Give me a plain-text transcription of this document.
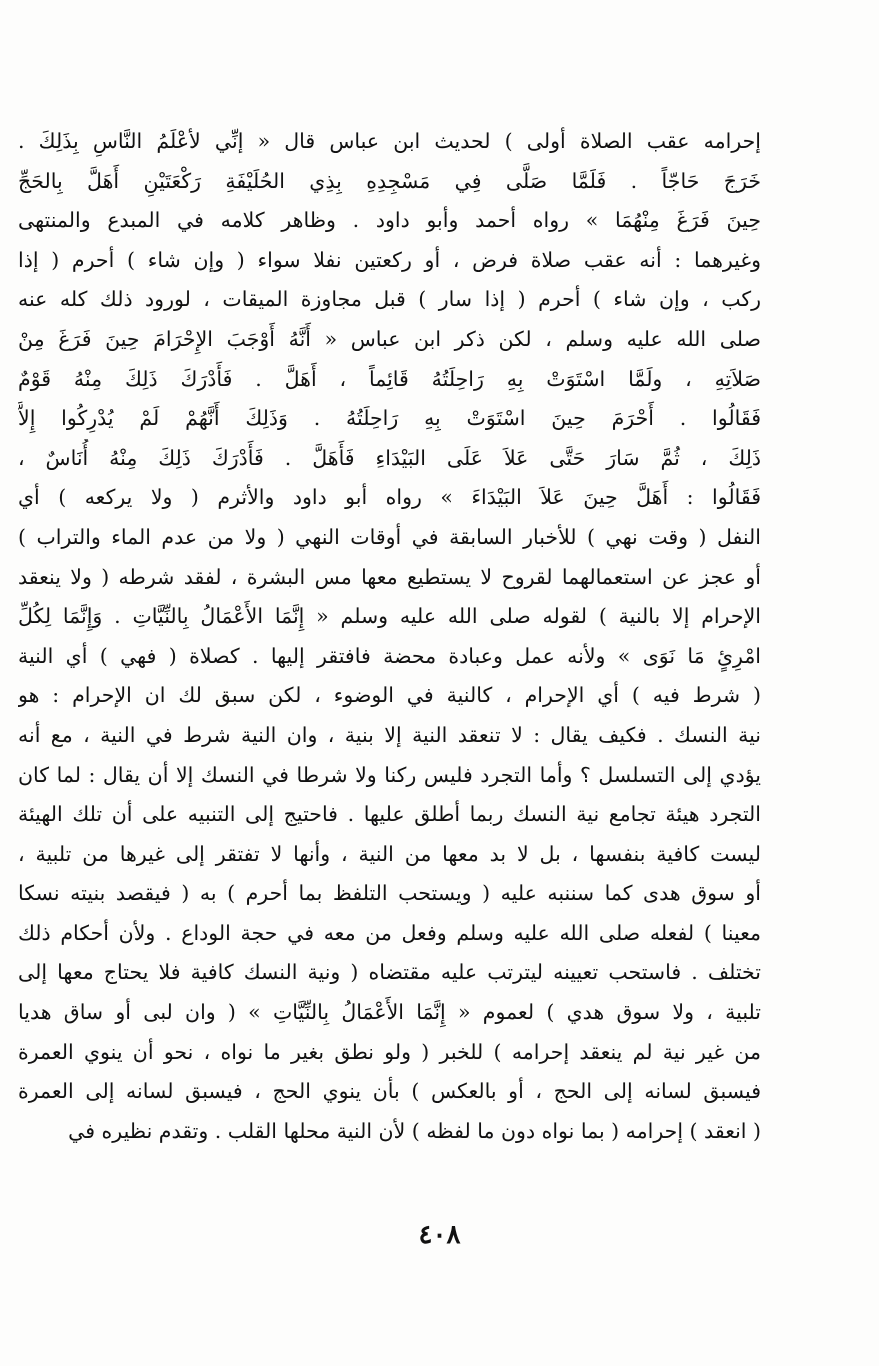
إحرامه عقب الصلاة أولى ) لحديث ابن عباس قال « إنِّي لأعْلَمُ النَّاسِ بِذَلِكَ .
خَرَجَ حَاجّاً . فَلَمَّا صَلَّى فِي مَسْجِدِهِ بِذِي الحُلَيْفَةِ رَكْعَتَيْنِ أَهَلَّ بِالحَجِّ
حِينَ فَرَغَ مِنْهُمَا » رواه أحمد وأبو داود . وظاهر كلامه في المبدع والمنتهى
وغيرهما : أنه عقب صلاة فرض ، أو ركعتين نفلا سواء ( وإن شاء ) أحرم ( إذا
ركب ، وإن شاء ) أحرم ( إذا سار ) قبل مجاوزة الميقات ، لورود ذلك كله عنه
صلى الله عليه وسلم ، لكن ذكر ابن عباس « أَنَّهُ أَوْجَبَ الإِحْرَامَ حِينَ فَرَغَ مِنْ
صَلاَتِهِ ، ولَمَّا اسْتَوَتْ بِهِ رَاحِلَتُهُ قَائِماً ، أَهَلَّ . فَأَدْرَكَ ذَلِكَ مِنْهُ قَوْمٌ
فَقَالُوا . أَحْرَمَ حِينَ اسْتَوَتْ بِهِ رَاحِلَتُهُ . وَذَلِكَ أَنَّهُمْ لَمْ يُدْرِكُوا إِلاَّ
ذَلِكَ ، ثُمَّ سَارَ حَتَّى عَلاَ عَلَى البَيْدَاءِ فَأَهَلَّ . فَأَدْرَكَ ذَلِكَ مِنْهُ أُنَاسٌ ،
فَقَالُوا : أَهَلَّ حِينَ عَلاَ البَيْدَاءَ » رواه أبو داود والأثرم ( ولا يركعه ) أي
النفل ( وقت نهي ) للأخبار السابقة في أوقات النهي ( ولا من عدم الماء والتراب )
أو عجز عن استعمالهما لقروح لا يستطيع معها مس البشرة ، لفقد شرطه ( ولا ينعقد
الإحرام إلا بالنية ) لقوله صلى الله عليه وسلم « إِنَّمَا الأَعْمَالُ بِالنِّيَّاتِ . وَإِنَّمَا لِكُلِّ
امْرِئٍ مَا نَوَى » ولأنه عمل وعبادة محضة فافتقر إليها . كصلاة ( فهي ) أي النية
( شرط فيه ) أي الإحرام ، كالنية في الوضوء ، لكن سبق لك ان الإحرام : هو
نية النسك . فكيف يقال : لا تنعقد النية إلا بنية ، وان النية شرط في النية ، مع أنه
يؤدي إلى التسلسل ؟ وأما التجرد فليس ركنا ولا شرطا في النسك إلا أن يقال : لما كان
التجرد هيئة تجامع نية النسك ربما أطلق عليها . فاحتيج إلى التنبيه على أن تلك الهيئة
ليست كافية بنفسها ، بل لا بد معها من النية ، وأنها لا تفتقر إلى غيرها من تلبية ،
أو سوق هدى كما سننبه عليه ( ويستحب التلفظ بما أحرم ) به ( فيقصد بنيته نسكا
معينا ) لفعله صلى الله عليه وسلم وفعل من معه في حجة الوداع . ولأن أحكام ذلك
تختلف . فاستحب تعيينه ليترتب عليه مقتضاه ( ونية النسك كافية فلا يحتاج معها إلى
تلبية ، ولا سوق هدي ) لعموم « إِنَّمَا الأَعْمَالُ بِالنِّيَّاتِ » ( وان لبى أو ساق هديا
من غير نية لم ينعقد إحرامه ) للخبر ( ولو نطق بغير ما نواه ، نحو أن ينوي العمرة
فيسبق لسانه إلى الحج ، أو بالعكس ) بأن ينوي الحج ، فيسبق لسانه إلى العمرة
( انعقد ) إحرامه ( بما نواه دون ما لفظه ) لأن النية محلها القلب . وتقدم نظيره في
٤٠٨
